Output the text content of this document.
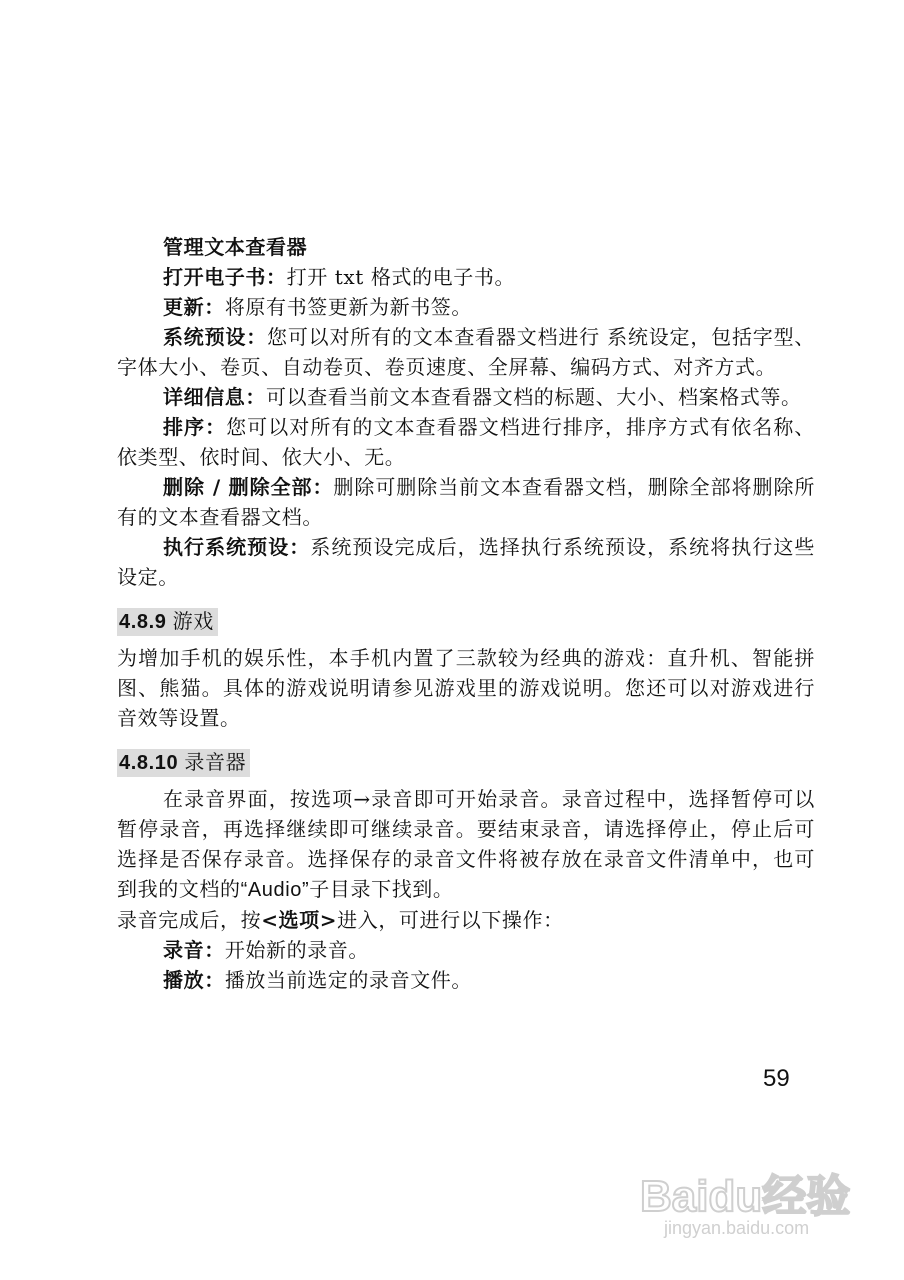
管理文本查看器

打开电子书：打开 txt 格式的电子书。

更新：将原有书签更新为新书签。

系统预设：您可以对所有的文本查看器文档进行 系统设定，包括字型、字体大小、卷页、自动卷页、卷页速度、全屏幕、编码方式、对齐方式。

详细信息：可以查看当前文本查看器文档的标题、大小、档案格式等。

排序：您可以对所有的文本查看器文档进行排序，排序方式有依名称、依类型、依时间、依大小、无。

删除 / 删除全部：删除可删除当前文本查看器文档，删除全部将删除所有的文本查看器文档。

执行系统预设：系统预设完成后，选择执行系统预设，系统将执行这些设定。

4.8.9 游戏

为增加手机的娱乐性，本手机内置了三款较为经典的游戏：直升机、智能拼图、熊猫。具体的游戏说明请参见游戏里的游戏说明。您还可以对游戏进行音效等设置。

4.8.10 录音器

在录音界面，按选项→录音即可开始录音。录音过程中，选择暂停可以暂停录音，再选择继续即可继续录音。要结束录音，请选择停止，停止后可选择是否保存录音。选择保存的录音文件将被存放在录音文件清单中，也可到我的文档的“Audio”子目录下找到。

录音完成后，按<选项>进入，可进行以下操作：

录音：开始新的录音。

播放：播放当前选定的录音文件。

59
Baidu经验
jingyan.baidu.com
